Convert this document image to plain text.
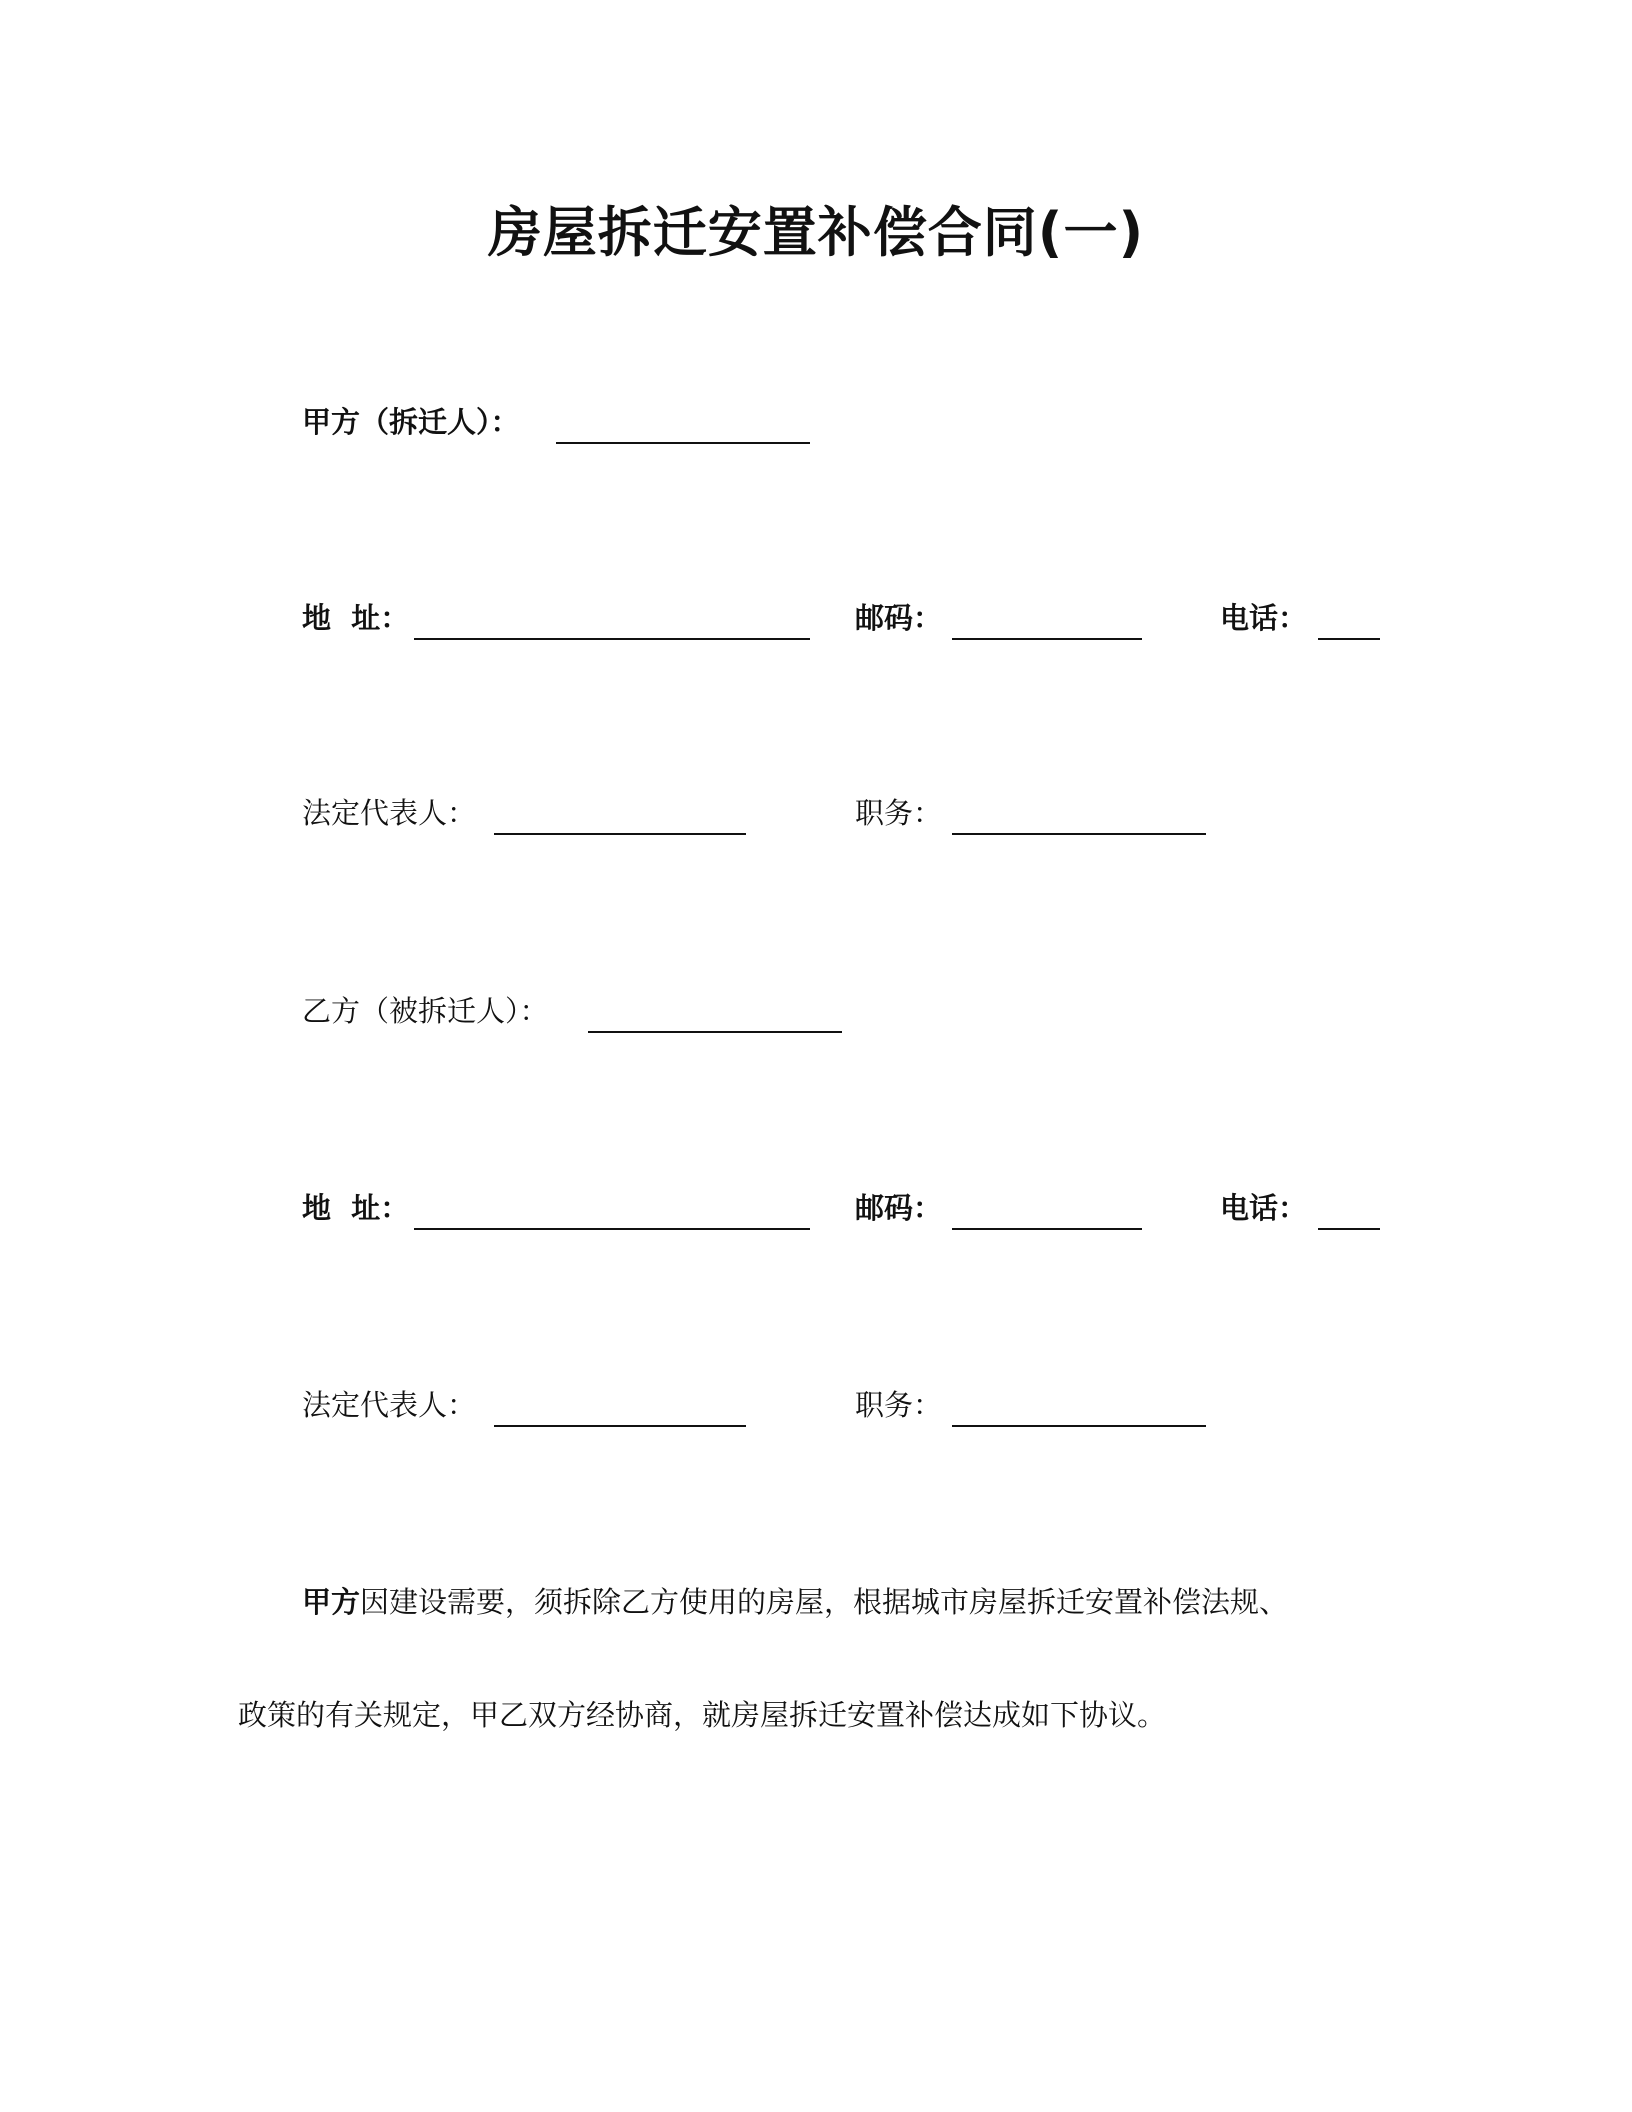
房屋拆迁安置补偿合同(一)
甲方（拆迁人）：
地  址：	邮码：	电话：
法定代表人：	职务：
乙方（被拆迁人）：
地  址：	邮码：	电话：
法定代表人：	职务：
甲方因建设需要，须拆除乙方使用的房屋，根据城市房屋拆迁安置补偿法规、
政策的有关规定，甲乙双方经协商，就房屋拆迁安置补偿达成如下协议。
